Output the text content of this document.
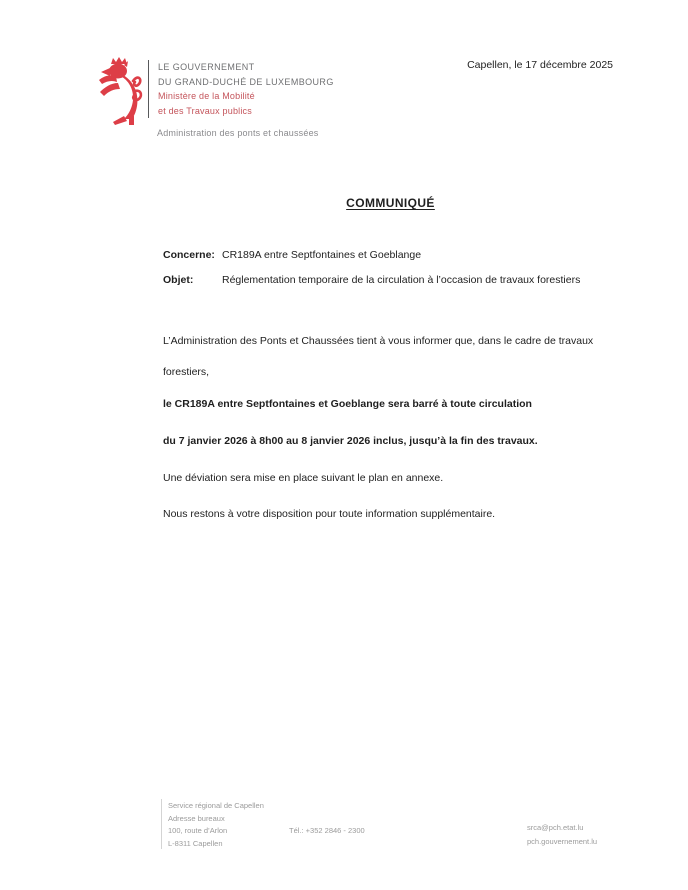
LE GOUVERNEMENT
DU GRAND-DUCHÉ DE LUXEMBOURG
Ministère de la Mobilité
et des Travaux publics
Administration des ponts et chaussées
Capellen, le 17 décembre 2025
COMMUNIQUÉ
Concerne: CR189A entre Septfontaines et Goeblange
Objet:	Réglementation temporaire de la circulation à l’occasion de travaux forestiers

L’Administration des Ponts et Chaussées tient à vous informer que, dans le cadre de travaux forestiers,

le CR189A entre Septfontaines et Goeblange sera barré à toute circulation

du 7 janvier 2026 à 8h00 au 8 janvier 2026 inclus, jusqu’à la fin des travaux.

Une déviation sera mise en place suivant le plan en annexe.

Nous restons à votre disposition pour toute information supplémentaire.

Service régional de Capellen
Adresse bureaux
100, route d’Arlon
L-8311 Capellen
Tél.: +352 2846 - 2300	srca@pch.etat.lu
pch.gouvernement.lu
